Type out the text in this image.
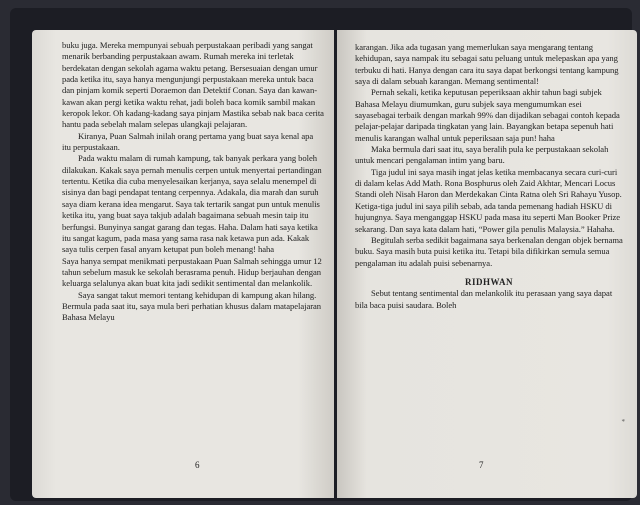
buku juga. Mereka mempunyai sebuah perpustakaan peribadi yang sangat menarik berbanding perpustakaan awam. Rumah mereka ini terletak berdekatan dengan sekolah agama waktu petang. Bersesuaian dengan umur pada ketika itu, saya hanya mengunjungi perpustakaan mereka untuk baca dan pinjam komik seperti Doraemon dan Detektif Conan. Saya dan kawan-kawan akan pergi ketika waktu rehat, jadi boleh baca komik sambil makan keropok lekor. Oh kadang-kadang saya pinjam Mastika sebab nak baca cerita hantu pada sebelah malam selepas ulangkaji pelajaran.

Kiranya, Puan Salmah inilah orang pertama yang buat saya kenal apa itu perpustakaan.

Pada waktu malam di rumah kampung, tak banyak perkara yang boleh dilakukan. Kakak saya pernah menulis cerpen untuk menyertai pertandingan tertentu. Ketika dia cuba menyelesaikan kerjanya, saya selalu menempel di sisinya dan bagi pendapat tentang cerpennya. Adakala, dia marah dan suruh saya diam kerana idea mengarut. Saya tak tertarik sangat pun untuk menulis ketika itu, yang buat saya takjub adalah bagaimana sebuah mesin taip itu berfungsi. Bunyinya sangat garang dan tegas. Haha. Dalam hati saya ketika itu sangat kagum, pada masa yang sama rasa nak ketawa pun ada. Kakak saya tulis cerpen fasal anyam ketupat pun boleh menang! haha

Saya hanya sempat menikmati perpustakaan Puan Salmah sehingga umur 12 tahun sebelum masuk ke sekolah berasrama penuh. Hidup berjauhan dengan keluarga selalunya akan buat kita jadi sedikit sentimental dan melankolik.

Saya sangat takut memori tentang kehidupan di kampung akan hilang. Bermula pada saat itu, saya mula beri perhatian khusus dalam matapelajaran Bahasa Melayu

6

karangan. Jika ada tugasan yang memerlukan saya mengarang tentang kehidupan, saya nampak itu sebagai satu peluang untuk melepaskan apa yang terbuku di hati. Hanya dengan cara itu saya dapat berkongsi tentang kampung saya di dalam sebuah karangan. Memang sentimental!

Pernah sekali, ketika keputusan peperiksaan akhir tahun bagi subjek Bahasa Melayu diumumkan, guru subjek saya mengumumkan esei sayasebagai terbaik dengan markah 99% dan dijadikan sebagai contoh kepada pelajar-pelajar daripada tingkatan yang lain. Bayangkan betapa sepenuh hati menulis karangan walhal untuk peperiksaan saja pun! haha

Maka bermula dari saat itu, saya beralih pula ke perpustakaan sekolah untuk mencari pengalaman intim yang baru.

Tiga judul ini saya masih ingat jelas ketika membacanya secara curi-curi di dalam kelas Add Math. Rona Bosphurus oleh Zaid Akhtar, Mencari Locus Standi oleh Nisah Haron dan Merdekakan Cinta Ratna oleh Sri Rahayu Yusop. Ketiga-tiga judul ini saya pilih sebab, ada tanda pemenang hadiah HSKU di hujungnya. Saya menganggap HSKU pada masa itu seperti Man Booker Prize sekarang. Dan saya kata dalam hati, “Power gila penulis Malaysia.” Hahaha.

Begitulah serba sedikit bagaimana saya berkenalan dengan objek bernama buku. Saya masih buta puisi ketika itu. Tetapi bila difikirkan semula semua pengalaman itu adalah puisi sebenarnya.

RIDHWAN

Sebut tentang sentimental dan melankolik itu perasaan yang saya dapat bila baca puisi saudara. Boleh

*
7
